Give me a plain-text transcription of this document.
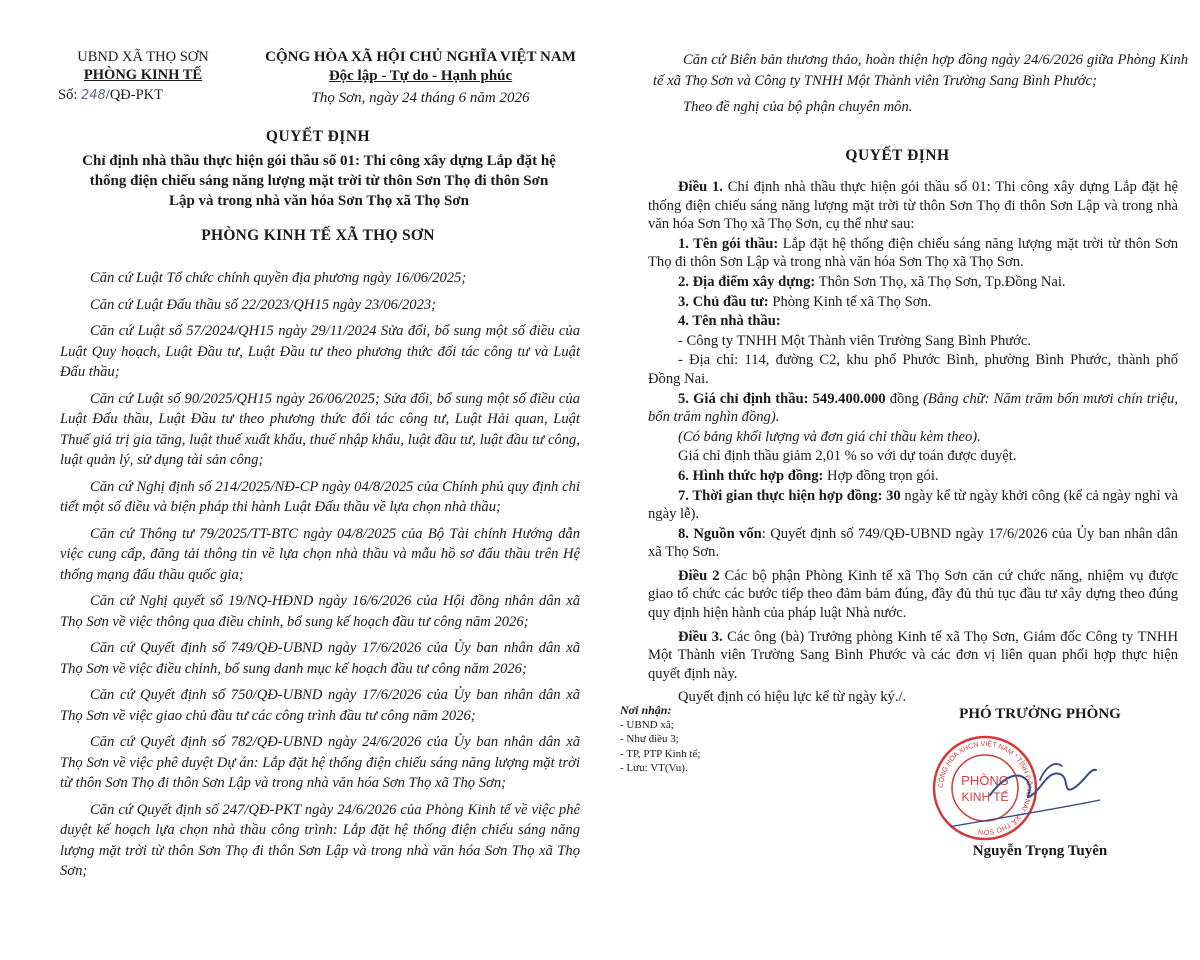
UBND XÃ THỌ SƠN
PHÒNG KINH TẾ
Số: 248/QĐ-PKT
CỘNG HÒA XÃ HỘI CHỦ NGHĨA VIỆT NAM
Độc lập - Tự do - Hạnh phúc
Thọ Sơn, ngày 24 tháng 6 năm 2026
QUYẾT ĐỊNH
Chỉ định nhà thầu thực hiện gói thầu số 01: Thi công xây dựng Lắp đặt hệ thống điện chiếu sáng năng lượng mặt trời từ thôn Sơn Thọ đi thôn Sơn Lập và trong nhà văn hóa Sơn Thọ xã Thọ Sơn
PHÒNG KINH TẾ XÃ THỌ SƠN

Căn cứ Luật Tổ chức chính quyền địa phương ngày 16/06/2025;

Căn cứ Luật Đấu thầu số 22/2023/QH15 ngày 23/06/2023;

Căn cứ Luật số 57/2024/QH15 ngày 29/11/2024 Sửa đổi, bổ sung một số điều của Luật Quy hoạch, Luật Đầu tư, Luật Đầu tư theo phương thức đối tác công tư và Luật Đấu thầu;

Căn cứ Luật số 90/2025/QH15 ngày 26/06/2025; Sửa đổi, bổ sung một số điều của Luật Đấu thầu, Luật Đầu tư theo phương thức đối tác công tư, Luật Hải quan, Luật Thuế giá trị gia tăng, luật thuế xuất khẩu, thuế nhập khẩu, luật đầu tư, luật đầu tư công, luật quản lý, sử dụng tài sản công;

Căn cứ Nghị định số 214/2025/NĐ-CP ngày 04/8/2025 của Chính phủ quy định chi tiết một số điều và biện pháp thi hành Luật Đấu thầu về lựa chọn nhà thầu;

Căn cứ Thông tư 79/2025/TT-BTC ngày 04/8/2025 của Bộ Tài chính Hướng dẫn việc cung cấp, đăng tải thông tin về lựa chọn nhà thầu và mẫu hồ sơ đấu thầu trên Hệ thống mạng đấu thầu quốc gia;

Căn cứ Nghị quyết số 19/NQ-HĐND ngày 16/6/2026 của Hội đồng nhân dân xã Thọ Sơn về việc thông qua điều chỉnh, bổ sung kế hoạch đầu tư công năm 2026;

Căn cứ Quyết định số 749/QĐ-UBND ngày 17/6/2026 của Ủy ban nhân dân xã Thọ Sơn về việc điều chỉnh, bổ sung danh mục kế hoạch đầu tư công năm 2026;

Căn cứ Quyết định số 750/QĐ-UBND ngày 17/6/2026 của Ủy ban nhân dân xã Thọ Sơn về việc giao chủ đầu tư các công trình đầu tư công năm 2026;

Căn cứ Quyết định số 782/QĐ-UBND ngày 24/6/2026 của Ủy ban nhân dân xã Thọ Sơn về việc phê duyệt Dự án: Lắp đặt hệ thống điện chiếu sáng năng lượng mặt trời từ thôn Sơn Thọ đi thôn Sơn Lập và trong nhà văn hóa Sơn Thọ xã Thọ Sơn;

Căn cứ Quyết định số 247/QĐ-PKT ngày 24/6/2026 của Phòng Kinh tế về việc phê duyệt kế hoạch lựa chọn nhà thầu công trình: Lắp đặt hệ thống điện chiếu sáng năng lượng mặt trời từ thôn Sơn Thọ đi thôn Sơn Lập và trong nhà văn hóa Sơn Thọ xã Thọ Sơn;

Căn cứ Biên bản thương thảo, hoàn thiện hợp đồng ngày 24/6/2026 giữa Phòng Kinh tế xã Thọ Sơn và Công ty TNHH Một Thành viên Trường Sang Bình Phước;

Theo đề nghị của bộ phận chuyên môn.

QUYẾT ĐỊNH

Điều 1. Chỉ định nhà thầu thực hiện gói thầu số 01: Thi công xây dựng Lắp đặt hệ thống điện chiếu sáng năng lượng mặt trời từ thôn Sơn Thọ đi thôn Sơn Lập và trong nhà văn hóa Sơn Thọ xã Thọ Sơn, cụ thể như sau:

1. Tên gói thầu: Lắp đặt hệ thống điện chiếu sáng năng lượng mặt trời từ thôn Sơn Thọ đi thôn Sơn Lập và trong nhà văn hóa Sơn Thọ xã Thọ Sơn.

2. Địa điểm xây dựng: Thôn Sơn Thọ, xã Thọ Sơn, Tp.Đồng Nai.

3. Chủ đầu tư: Phòng Kinh tế xã Thọ Sơn.

4. Tên nhà thầu:

- Công ty TNHH Một Thành viên Trường Sang Bình Phước.

- Địa chỉ: 114, đường C2, khu phố Phước Bình, phường Bình Phước, thành phố Đồng Nai.

5. Giá chỉ định thầu: 549.400.000 đồng (Bằng chữ: Năm trăm bốn mươi chín triệu, bốn trăm nghìn đồng).

(Có bảng khối lượng và đơn giá chỉ thầu kèm theo).

Giá chỉ định thầu giảm 2,01 % so với dự toán được duyệt.

6. Hình thức hợp đồng: Hợp đồng trọn gói.

7. Thời gian thực hiện hợp đồng: 30 ngày kể từ ngày khởi công (kể cả ngày nghỉ và ngày lễ).

8. Nguồn vốn: Quyết định số 749/QĐ-UBND ngày 17/6/2026 của Ủy ban nhân dân xã Thọ Sơn.

Điều 2 Các bộ phận Phòng Kinh tế xã Thọ Sơn căn cứ chức năng, nhiệm vụ được giao tổ chức các bước tiếp theo đảm bảm đúng, đầy đủ thủ tục đầu tư xây dựng theo đúng quy định hiện hành của pháp luật Nhà nước.

Điều 3. Các ông (bà) Trưởng phòng Kinh tế xã Thọ Sơn, Giám đốc Công ty TNHH Một Thành viên Trường Sang Bình Phước và các đơn vị liên quan phối hợp thực hiện quyết định này.

Quyết định có hiệu lực kể từ ngày ký./.

Nơi nhận:
- UBND xã;
- Như điều 3;
- TP, PTP Kinh tế;
- Lưu: VT(Vu).
PHÓ TRƯỞNG PHÒNG
CỘNG HÒA XHCN VIỆT NAM * TỈNH ĐỒNG NAI * XÃ THỌ SƠN
PHÒNG
KINH TẾ
Nguyễn Trọng Tuyên
